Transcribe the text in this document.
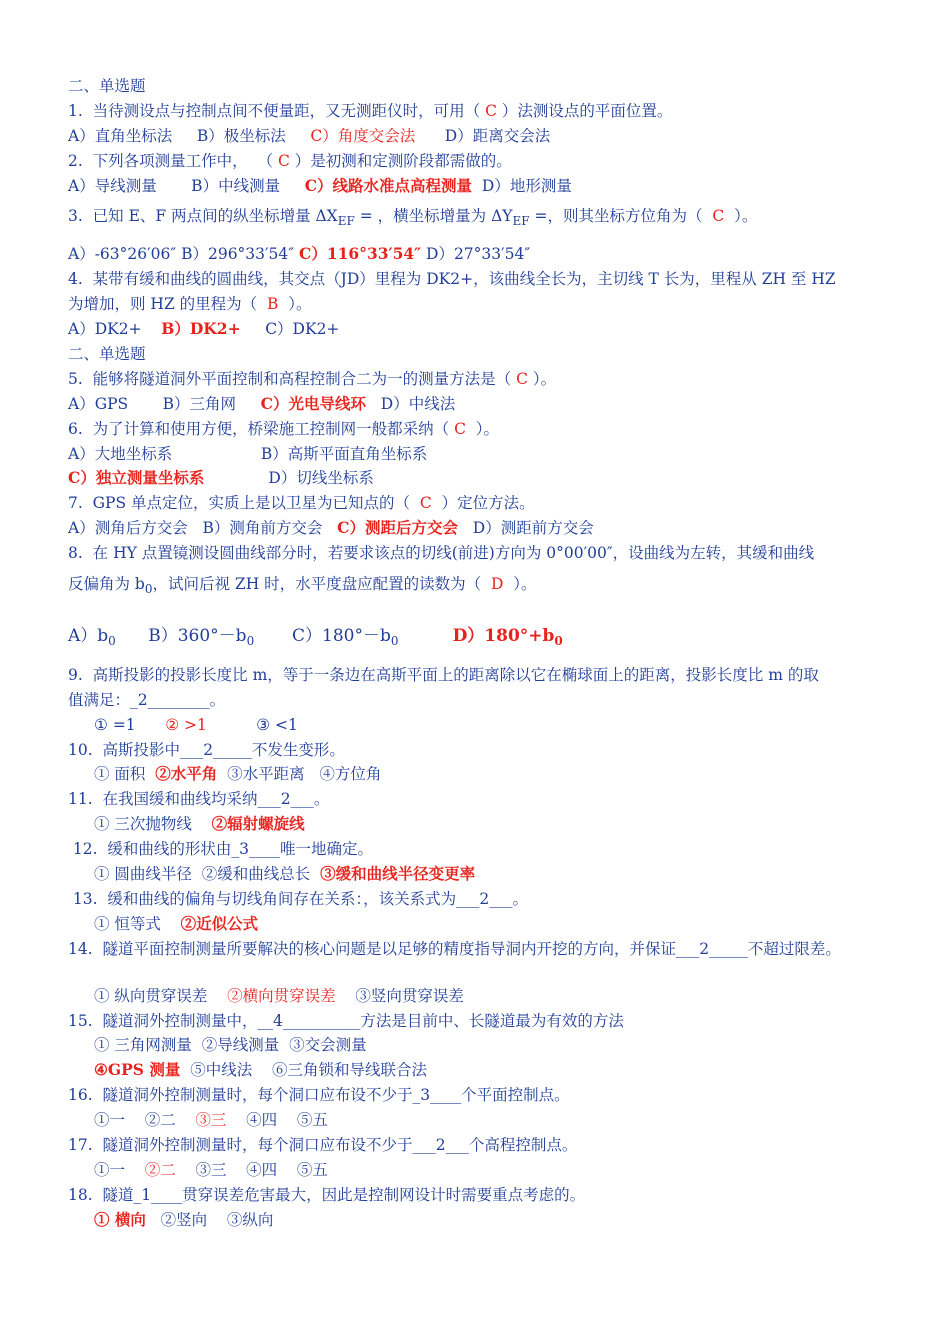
二、单选题
1.  当待测设点与控制点间不便量距，又无测距仪时，可用（ C ）法测设点的平面位置。
A）直角坐标法     B）极坐标法     C）角度交会法      D）距离交会法
2.  下列各项测量工作中，  （ C ）是初测和定测阶段都需做的。
A）导线测量       B）中线测量     C）线路水准点高程测量  D）地形测量
3.  已知 E、F 两点间的纵坐标增量 $\Delta X_{EF}$ = ，横坐标增量为 $\Delta Y_{EF}$ =，则其坐标方位角为（  C  ）。
A）-63°26′06″ B）296°33′54″ C）116°33′54″ D）27°33′54″
4.  某带有缓和曲线的圆曲线，其交点（JD）里程为 DK2+，该曲线全长为，主切线 T 长为，里程从 ZH 至 HZ
为增加，则 HZ 的里程为（  B  ）。
A）DK2+    B）DK2+     C）DK2+
二、单选题
5.  能够将隧道洞外平面控制和高程控制合二为一的测量方法是（ C ）。
A）GPS       B）三角网     C）光电导线环   D）中线法
6.  为了计算和使用方便，桥梁施工控制网一般都采纳（ C  ）。
A）大地坐标系                  B）高斯平面直角坐标系
C）独立测量坐标系             D）切线坐标系
7.  GPS 单点定位，实质上是以卫星为已知点的（  C  ）定位方法。
A）测角后方交会   B）测角前方交会   C）测距后方交会   D）测距前方交会
8.  在 HY 点置镜测设圆曲线部分时，若要求该点的切线(前进)方向为 0°00′00″，设曲线为左转，其缓和曲线
反偏角为 $b_0$，试问后视 ZH 时，水平度盘应配置的读数为（  D  ）。
$A)b_0$      $B)360^\circ-b_0$       $C)180^\circ-b_0$	$D)180^\circ+b_0$
9.  高斯投影的投影长度比 m，等于一条边在高斯平面上的距离除以它在椭球面上的距离，投影长度比 m 的取
值满足：_2________。
① =1      ② >1          ③ <1
10.  高斯投影中___2_____不发生变形。
① 面积  ②水平角  ③水平距离   ④方位角
11.  在我国缓和曲线均采纳___2___。
① 三次抛物线    ②辐射螺旋线
12.  缓和曲线的形状由_3____唯一地确定。
① 圆曲线半径  ②缓和曲线总长  ③缓和曲线半径变更率
13.  缓和曲线的偏角与切线角间存在关系：，该关系式为___2___。
① 恒等式    ②近似公式
14.  隧道平面控制测量所要解决的核心问题是以足够的精度指导洞内开挖的方向，并保证___2_____不超过限差。
① 纵向贯穿误差    ②横向贯穿误差    ③竖向贯穿误差
15.  隧道洞外控制测量中，__4__________方法是目前中、长隧道最为有效的方法
① 三角网测量  ②导线测量  ③交会测量
④GPS 测量  ⑤中线法    ⑥三角锁和导线联合法
16.  隧道洞外控制测量时，每个洞口应布设不少于_3____个平面控制点。
①一    ②二    ③三    ④四    ⑤五
17.  隧道洞外控制测量时，每个洞口应布设不少于___2___个高程控制点。
①一    ②二    ③三    ④四    ⑤五
18.  隧道_1____贯穿误差危害最大，因此是控制网设计时需要重点考虑的。
① 横向   ②竖向    ③纵向
